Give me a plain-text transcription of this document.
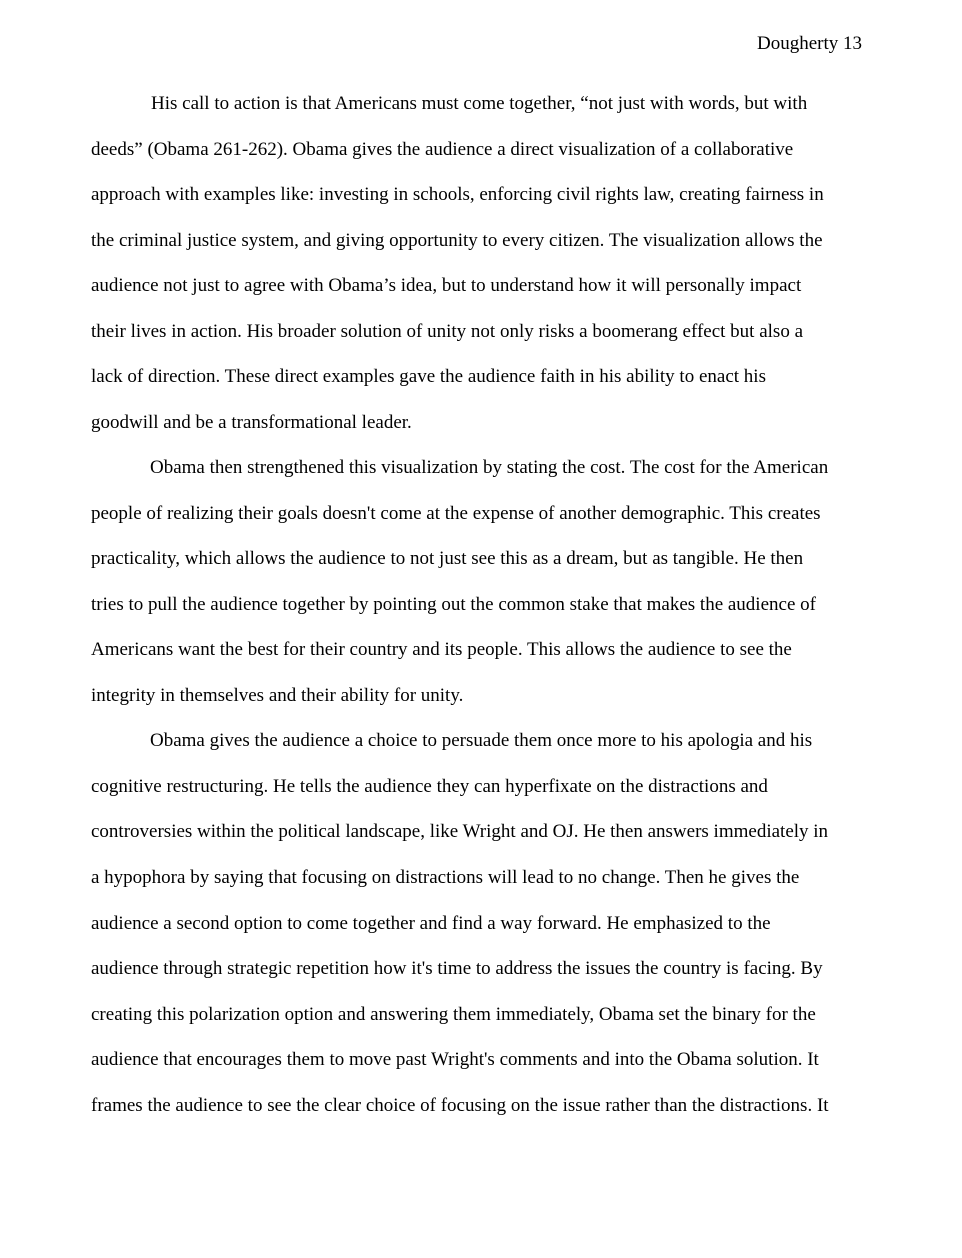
Dougherty 13
His call to action is that Americans must come together, “not just with words, but with
deeds” (Obama 261-262). Obama gives the audience a direct visualization of a collaborative
approach with examples like: investing in schools, enforcing civil rights law, creating fairness in
the criminal justice system, and giving opportunity to every citizen. The visualization allows the
audience not just to agree with Obama’s idea, but to understand how it will personally impact
their lives in action. His broader solution of unity not only risks a boomerang effect but also a
lack of direction. These direct examples gave the audience faith in his ability to enact his
goodwill and be a transformational leader.
Obama then strengthened this visualization by stating the cost. The cost for the American
people of realizing their goals doesn't come at the expense of another demographic. This creates
practicality, which allows the audience to not just see this as a dream, but as tangible. He then
tries to pull the audience together by pointing out the common stake that makes the audience of
Americans want the best for their country and its people. This allows the audience to see the
integrity in themselves and their ability for unity.
Obama gives the audience a choice to persuade them once more to his apologia and his
cognitive restructuring. He tells the audience they can hyperfixate on the distractions and
controversies within the political landscape, like Wright and OJ. He then answers immediately in
a hypophora by saying that focusing on distractions will lead to no change. Then he gives the
audience a second option to come together and find a way forward. He emphasized to the
audience through strategic repetition how it's time to address the issues the country is facing. By
creating this polarization option and answering them immediately, Obama set the binary for the
audience that encourages them to move past Wright's comments and into the Obama solution. It
frames the audience to see the clear choice of focusing on the issue rather than the distractions. It
